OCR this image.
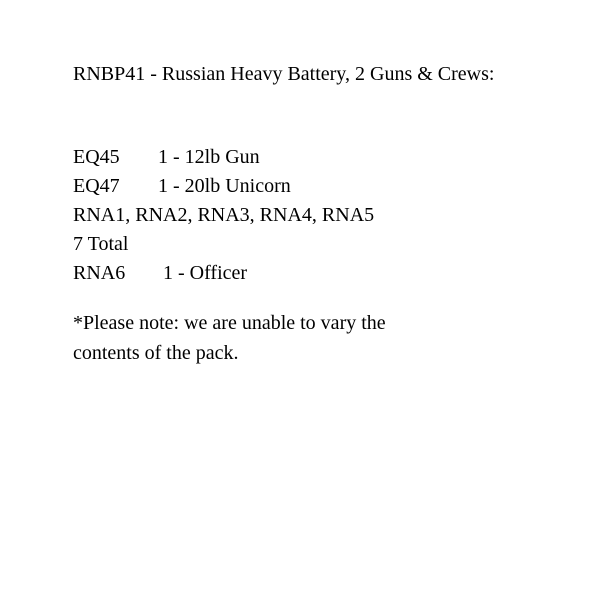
RNBP41 - Russian Heavy Battery, 2 Guns & Crews:
EQ45	1 - 12lb Gun
EQ47	1 - 20lb Unicorn
RNA1, RNA2, RNA3, RNA4, RNA5
7 Total
RNA6	1 - Officer
*Please note: we are unable to vary the
contents of the pack.
